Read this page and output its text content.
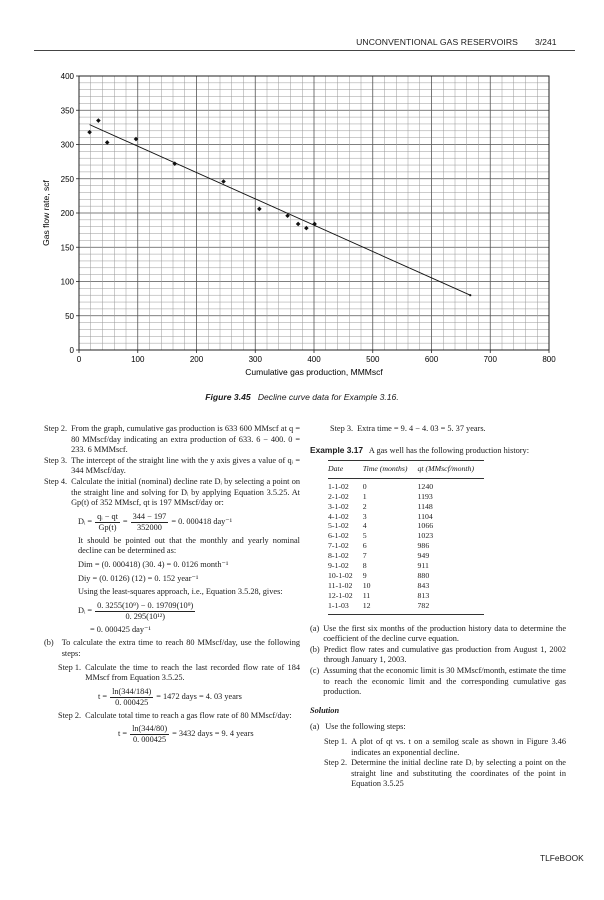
UNCONVENTIONAL GAS RESERVOIRS 3/241
0	100	200	300	400	500	600	700	800
0
50
100
150
200
250
300
350
400
Cumulative gas production, MMMscf
Gas flow rate, scf
Figure 3.45 Decline curve data for Example 3.16.
Step 2. From the graph, cumulative gas production is 633 600 MMscf at q = 80 MMscf/day indicating an extra production of 633. 6 − 400. 0 = 233. 6 MMMscf.
Step 3. The intercept of the straight line with the y axis gives a value of qᵢ = 344 MMscf/day.
Step 4. Calculate the initial (nominal) decline rate Dᵢ by selecting a point on the straight line and solving for Dᵢ by applying Equation 3.5.25. At Gp(t) of 352 MMscf, qt is 197 MMscf/day or:
Dᵢ = $\frac{\text{qᵢ − qt}}{Gp(t)} = \frac{344 - 197}{352000} = 0$. 000418 day⁻¹
It should be pointed out that the monthly and yearly nominal decline can be determined as:
Dim = (0. 000418) (30. 4) = 0. 0126 month⁻¹
Diy = (0. 0126) (12) = 0. 152 year⁻¹
Using the least-squares approach, i.e., Equation 3.5.28, gives:
Dᵢ = $\frac{\text{0. 3255(10⁹) − 0. 19709(10⁹)}}{\text{0. 295(10¹²)}}$
= 0. 000425 day⁻¹
(b) To calculate the extra time to reach 80 MMscf/day, use the following steps:
Step 1. Calculate the time to reach the last recorded flow rate of 184 MMscf from Equation 3.5.25.
$t = \frac{\ln(344/184)}{0. 000425} = 1472$ days = 4. 03 years
Step 2. Calculate total time to reach a gas flow rate of 80 MMscf/day:
$t = \frac{\ln(344/80)}{0. 000425} = 3432$ days = 9. 4 years
Step 3. Extra time = 9. 4 − 4. 03 = 5. 37 years.
Example 3.17 A gas well has the following production history:
Date	Time (months)	qt (MMscf/month)
1-1-02	0	1240
2-1-02	1	1193
3-1-02	2	1148
4-1-02	3	1104
5-1-02	4	1066
6-1-02	5	1023
7-1-02	6	986
8-1-02	7	949
9-1-02	8	911
10-1-02	9	880
11-1-02	10	843
12-1-02	11	813
1-1-03	12	782
(a) Use the first six months of the production history data to determine the coefficient of the decline curve equation.
(b) Predict flow rates and cumulative gas production from August 1, 2002 through January 1, 2003.
(c) Assuming that the economic limit is 30 MMscf/month, estimate the time to reach the economic limit and the corresponding cumulative gas production.
Solution
(a) Use the following steps:
Step 1. A plot of qt vs. t on a semilog scale as shown in Figure 3.46 indicates an exponential decline.
Step 2. Determine the initial decline rate Dᵢ by selecting a point on the straight line and substituting the coordinates of the point in Equation 3.5.25
TLFeBOOK
